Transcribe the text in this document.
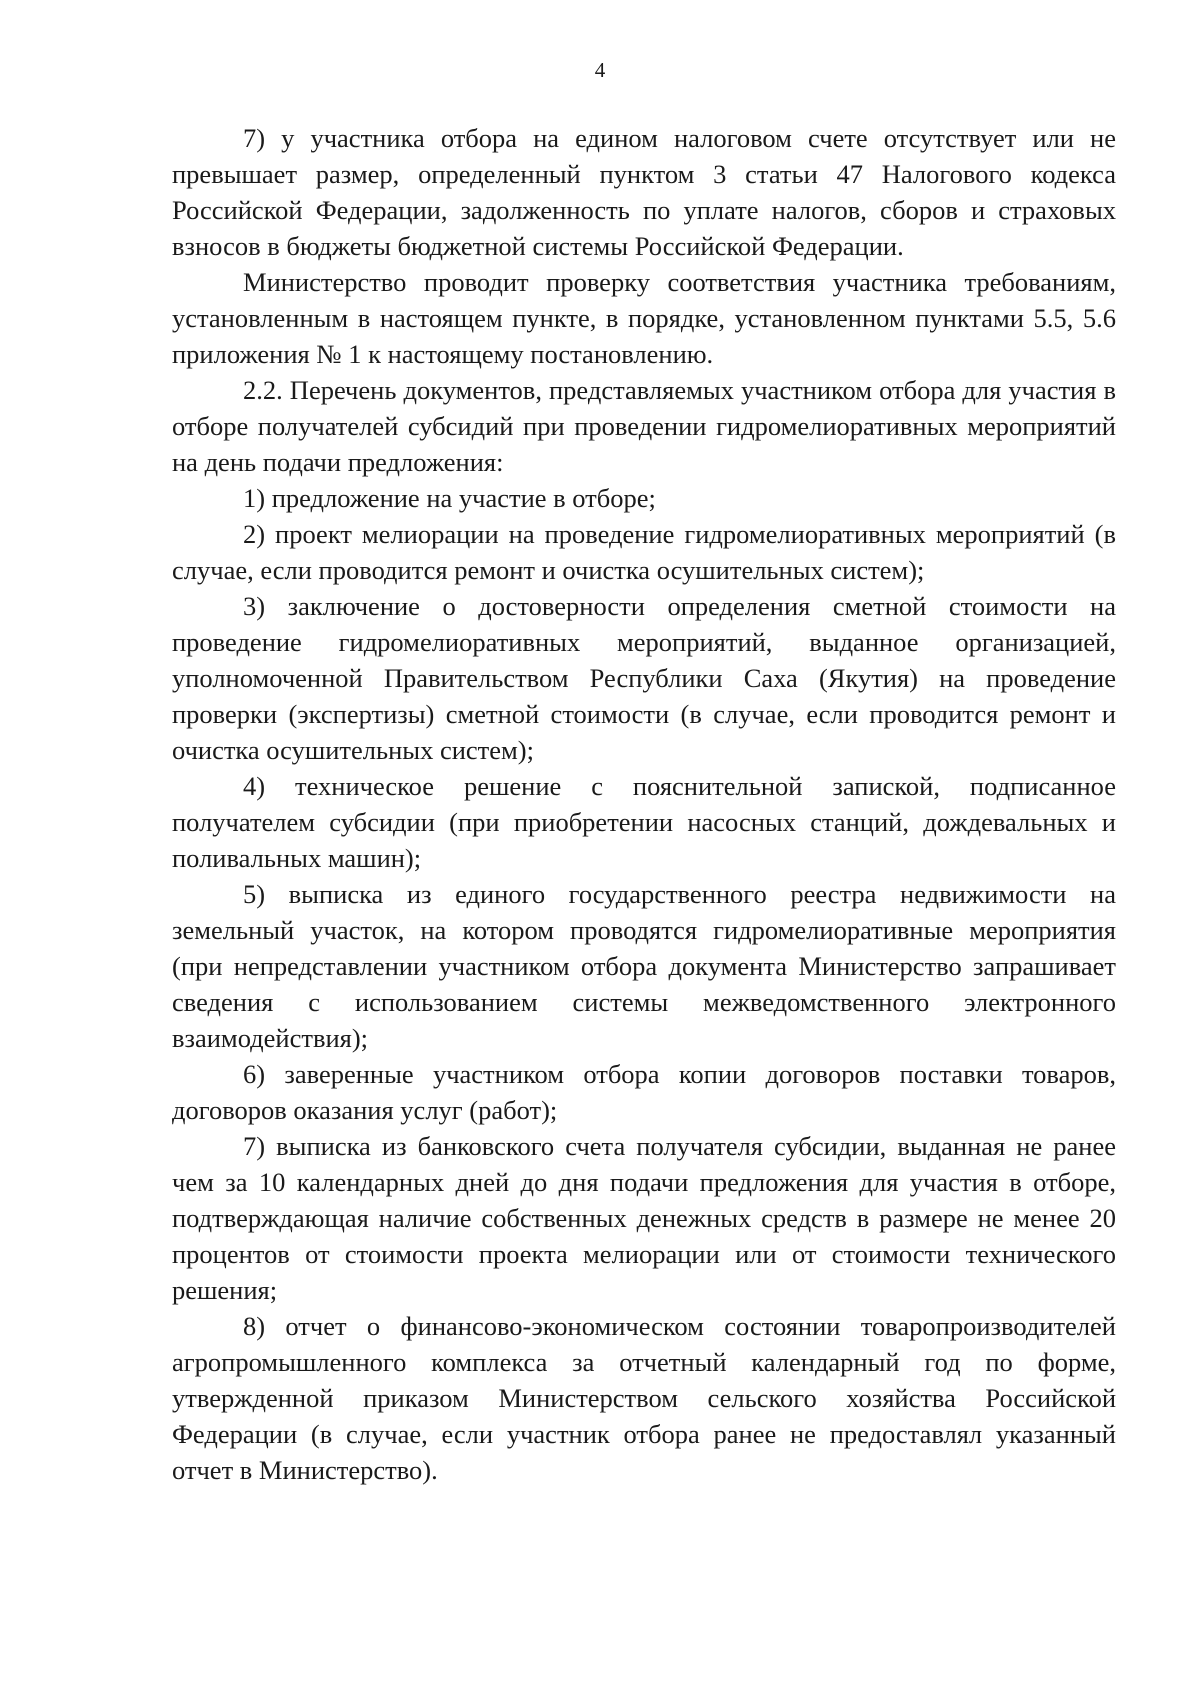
4

7) у участника отбора на едином налоговом счете отсутствует или не превышает размер, определенный пунктом 3 статьи 47 Налогового кодекса Российской Федерации, задолженность по уплате налогов, сборов и страховых взносов в бюджеты бюджетной системы Российской Федерации.

Министерство проводит проверку соответствия участника требованиям, установленным в настоящем пункте, в порядке, установленном пунктами 5.5, 5.6 приложения № 1 к настоящему постановлению.

2.2. Перечень документов, представляемых участником отбора для участия в отборе получателей субсидий при проведении гидромелиоративных мероприятий на день подачи предложения:

1) предложение на участие в отборе;

2) проект мелиорации на проведение гидромелиоративных мероприятий (в случае, если проводится ремонт и очистка осушительных систем);

3) заключение о достоверности определения сметной стоимости на проведение гидромелиоративных мероприятий, выданное организацией, уполномоченной Правительством Республики Саха (Якутия) на проведение проверки (экспертизы) сметной стоимости (в случае, если проводится ремонт и очистка осушительных систем);

4) техническое решение с пояснительной запиской, подписанное получателем субсидии (при приобретении насосных станций, дождевальных и поливальных машин);

5) выписка из единого государственного реестра недвижимости на земельный участок, на котором проводятся гидромелиоративные мероприятия (при непредставлении участником отбора документа Министерство запрашивает сведения с использованием системы межведомственного электронного взаимодействия);

6) заверенные участником отбора копии договоров поставки товаров, договоров оказания услуг (работ);

7) выписка из банковского счета получателя субсидии, выданная не ранее чем за 10 календарных дней до дня подачи предложения для участия в отборе, подтверждающая наличие собственных денежных средств в размере не менее 20 процентов от стоимости проекта мелиорации или от стоимости технического решения;

8) отчет о финансово-экономическом состоянии товаропроизводителей агропромышленного комплекса за отчетный календарный год по форме, утвержденной приказом Министерством сельского хозяйства Российской Федерации (в случае, если участник отбора ранее не предоставлял указанный отчет в Министерство).
